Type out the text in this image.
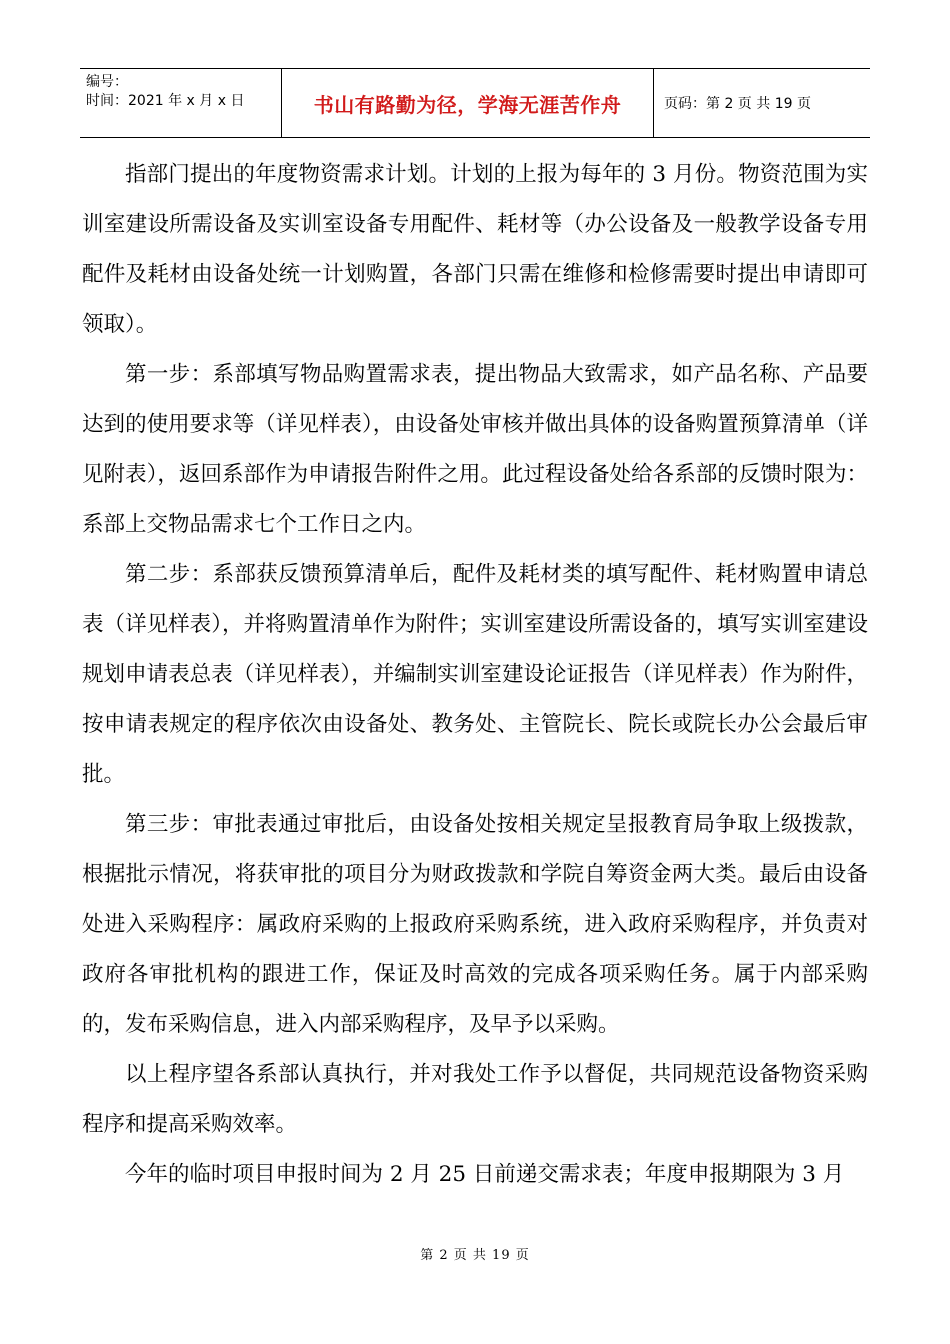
编号：
时间：2021 年 x 月 x 日	书山有路勤为径，学海无涯苦作舟	页码：第 2 页 共 19 页

指部门提出的年度物资需求计划。计划的上报为每年的 3 月份。物资范围为实训室建设所需设备及实训室设备专用配件、耗材等（办公设备及一般教学设备专用配件及耗材由设备处统一计划购置，各部门只需在维修和检修需要时提出申请即可领取）。

第一步：系部填写物品购置需求表，提出物品大致需求，如产品名称、产品要达到的使用要求等（详见样表），由设备处审核并做出具体的设备购置预算清单（详见附表），返回系部作为申请报告附件之用。此过程设备处给各系部的反馈时限为：系部上交物品需求七个工作日之内。

第二步：系部获反馈预算清单后，配件及耗材类的填写配件、耗材购置申请总表（详见样表），并将购置清单作为附件；实训室建设所需设备的，填写实训室建设规划申请表总表（详见样表），并编制实训室建设论证报告（详见样表）作为附件，按申请表规定的程序依次由设备处、教务处、主管院长、院长或院长办公会最后审批。

第三步：审批表通过审批后，由设备处按相关规定呈报教育局争取上级拨款，根据批示情况，将获审批的项目分为财政拨款和学院自筹资金两大类。最后由设备处进入采购程序：属政府采购的上报政府采购系统，进入政府采购程序，并负责对政府各审批机构的跟进工作，保证及时高效的完成各项采购任务。属于内部采购的，发布采购信息，进入内部采购程序，及早予以采购。

以上程序望各系部认真执行，并对我处工作予以督促，共同规范设备物资采购程序和提高采购效率。

今年的临时项目申报时间为 2 月 25 日前递交需求表；年度申报期限为 3 月

第 2 页 共 19 页
